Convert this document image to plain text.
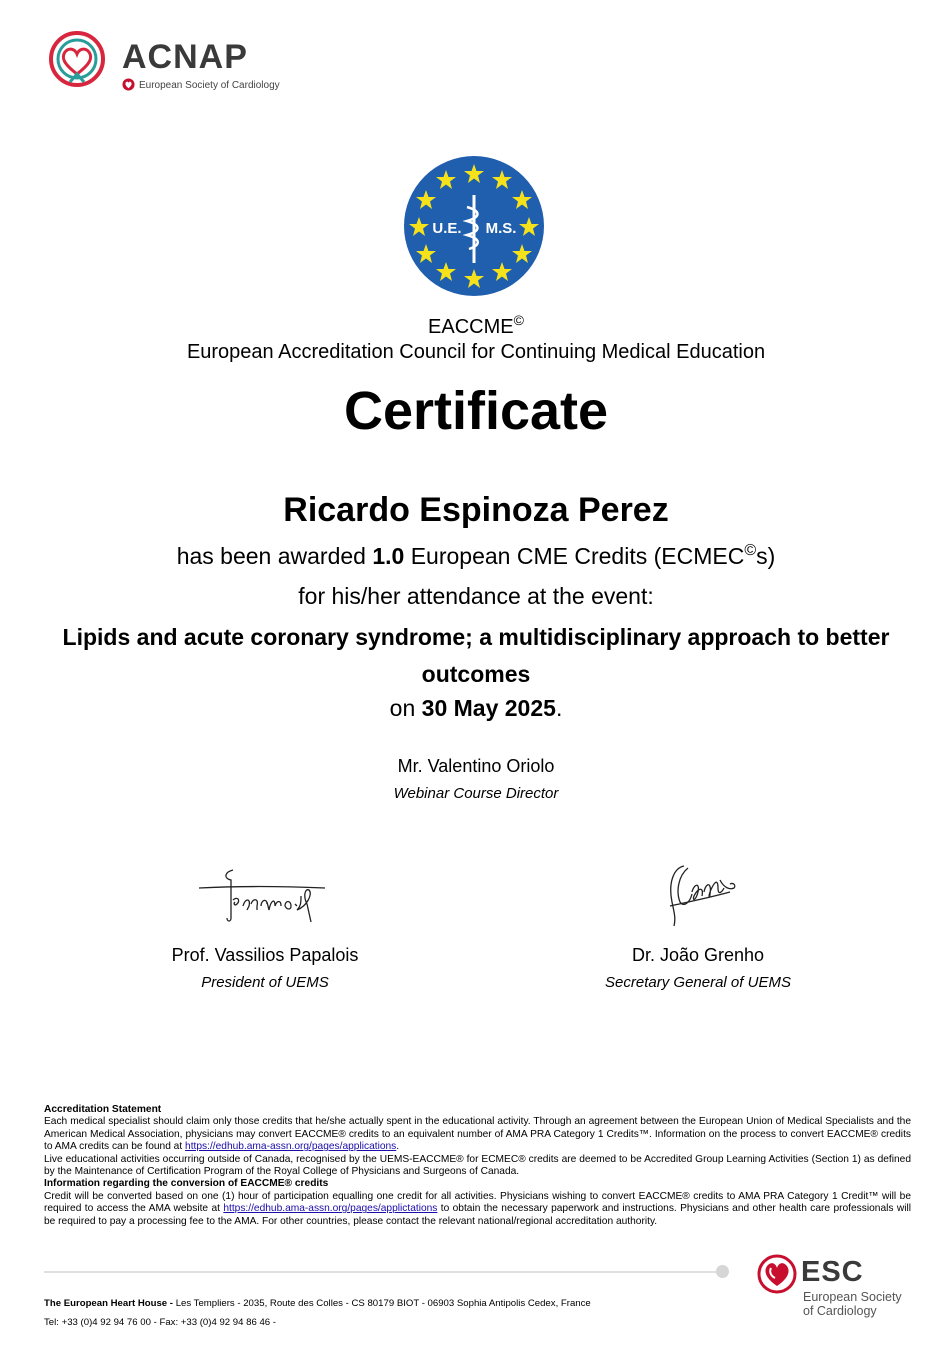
ACNAP
European Society of Cardiology
U.E. M.S.
EACCME©
European Accreditation Council for Continuing Medical Education
Certificate
Ricardo Espinoza Perez
has been awarded 1.0 European CME Credits (ECMEC©s)
for his/her attendance at the event:
Lipids and acute coronary syndrome; a multidisciplinary approach to better outcomes
on 30 May 2025.
Mr. Valentino Oriolo
Webinar Course Director
Prof. Vassilios Papalois
President of UEMS
Dr. João Grenho
Secretary General of UEMS
Accreditation Statement
Each medical specialist should claim only those credits that he/she actually spent in the educational activity. Through an agreement between the European Union of Medical Specialists and the American Medical Association, physicians may convert EACCME® credits to an equivalent number of AMA PRA Category 1 Credits™. Information on the process to convert EACCME® credits to AMA credits can be found at https://edhub.ama-assn.org/pages/applications.
Live educational activities occurring outside of Canada, recognised by the UEMS-EACCME® for ECMEC® credits are deemed to be Accredited Group Learning Activities (Section 1) as defined by the Maintenance of Certification Program of the Royal College of Physicians and Surgeons of Canada.
Information regarding the conversion of EACCME® credits
Credit will be converted based on one (1) hour of participation equalling one credit for all activities. Physicians wishing to convert EACCME® credits to AMA PRA Category 1 Credit™ will be required to access the AMA website at https://edhub.ama-assn.org/pages/applictations to obtain the necessary paperwork and instructions. Physicians and other health care professionals will be required to pay a processing fee to the AMA. For other countries, please contact the relevant national/regional accreditation authority.
The European Heart House - Les Templiers - 2035, Route des Colles - CS 80179 BIOT - 06903 Sophia Antipolis Cedex, France
Tel: +33 (0)4 92 94 76 00 - Fax: +33 (0)4 92 94 86 46 -
ESC
European Society
of Cardiology
